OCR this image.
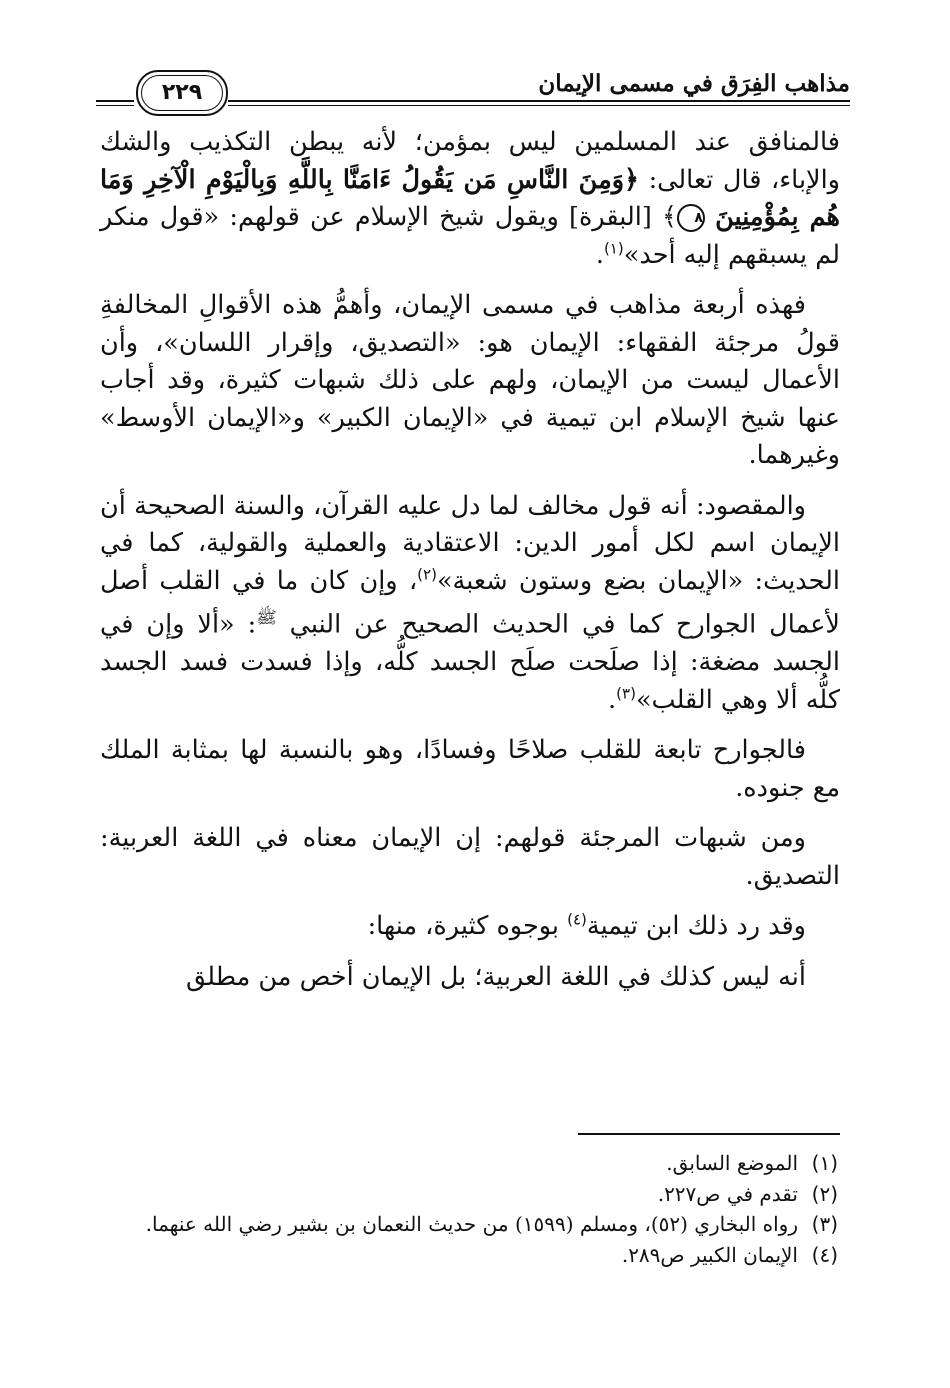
مذاهب الفِرَق في مسمى الإيمان
٢٢٩

فالمنافق عند المسلمين ليس بمؤمن؛ لأنه يبطن التكذيب والشك والإباء، قال تعالى: ﴿وَمِنَ النَّاسِ مَن يَقُولُ ءَامَنَّا بِاللَّهِ وَبِالْيَوْمِ الْآخِرِ وَمَا هُم بِمُؤْمِنِينَ ٨﴾ [البقرة] ويقول شيخ الإسلام عن قولهم: «قول منكر لم يسبقهم إليه أحد»$^{(١)}$.

فهذه أربعة مذاهب في مسمى الإيمان، وأهمُّ هذه الأقوالِ المخالفةِ قولُ مرجئة الفقهاء: الإيمان هو: «التصديق، وإقرار اللسان»، وأن الأعمال ليست من الإيمان، ولهم على ذلك شبهات كثيرة، وقد أجاب عنها شيخ الإسلام ابن تيمية في «الإيمان الكبير» و«الإيمان الأوسط» وغيرهما.

والمقصود: أنه قول مخالف لما دل عليه القرآن، والسنة الصحيحة أن الإيمان اسم لكل أمور الدين: الاعتقادية والعملية والقولية، كما في الحديث: «الإيمان بضع وستون شعبة»$^{(٢)}$، وإن كان ما في القلب أصل لأعمال الجوارح كما في الحديث الصحيح عن النبي $^ﷺ$: «ألا وإن في الجسد مضغة: إذا صلَحت صلَح الجسد كلُّه، وإذا فسدت فسد الجسد كلُّه ألا وهي القلب»$^{(٣)}$.

فالجوارح تابعة للقلب صلاحًا وفسادًا، وهو بالنسبة لها بمثابة الملك مع جنوده.

ومن شبهات المرجئة قولهم: إن الإيمان معناه في اللغة العربية: التصديق.

وقد رد ذلك ابن تيمية$^{(٤)}$ بوجوه كثيرة، منها:

أنه ليس كذلك في اللغة العربية؛ بل الإيمان أخص من مطلق

(١)
الموضع السابق.
(٢)
تقدم في ص٢٢٧.
(٣)
رواه البخاري (٥٢)، ومسلم (١٥٩٩) من حديث النعمان بن بشير رضي الله عنهما.
(٤)
الإيمان الكبير ص٢٨٩.
